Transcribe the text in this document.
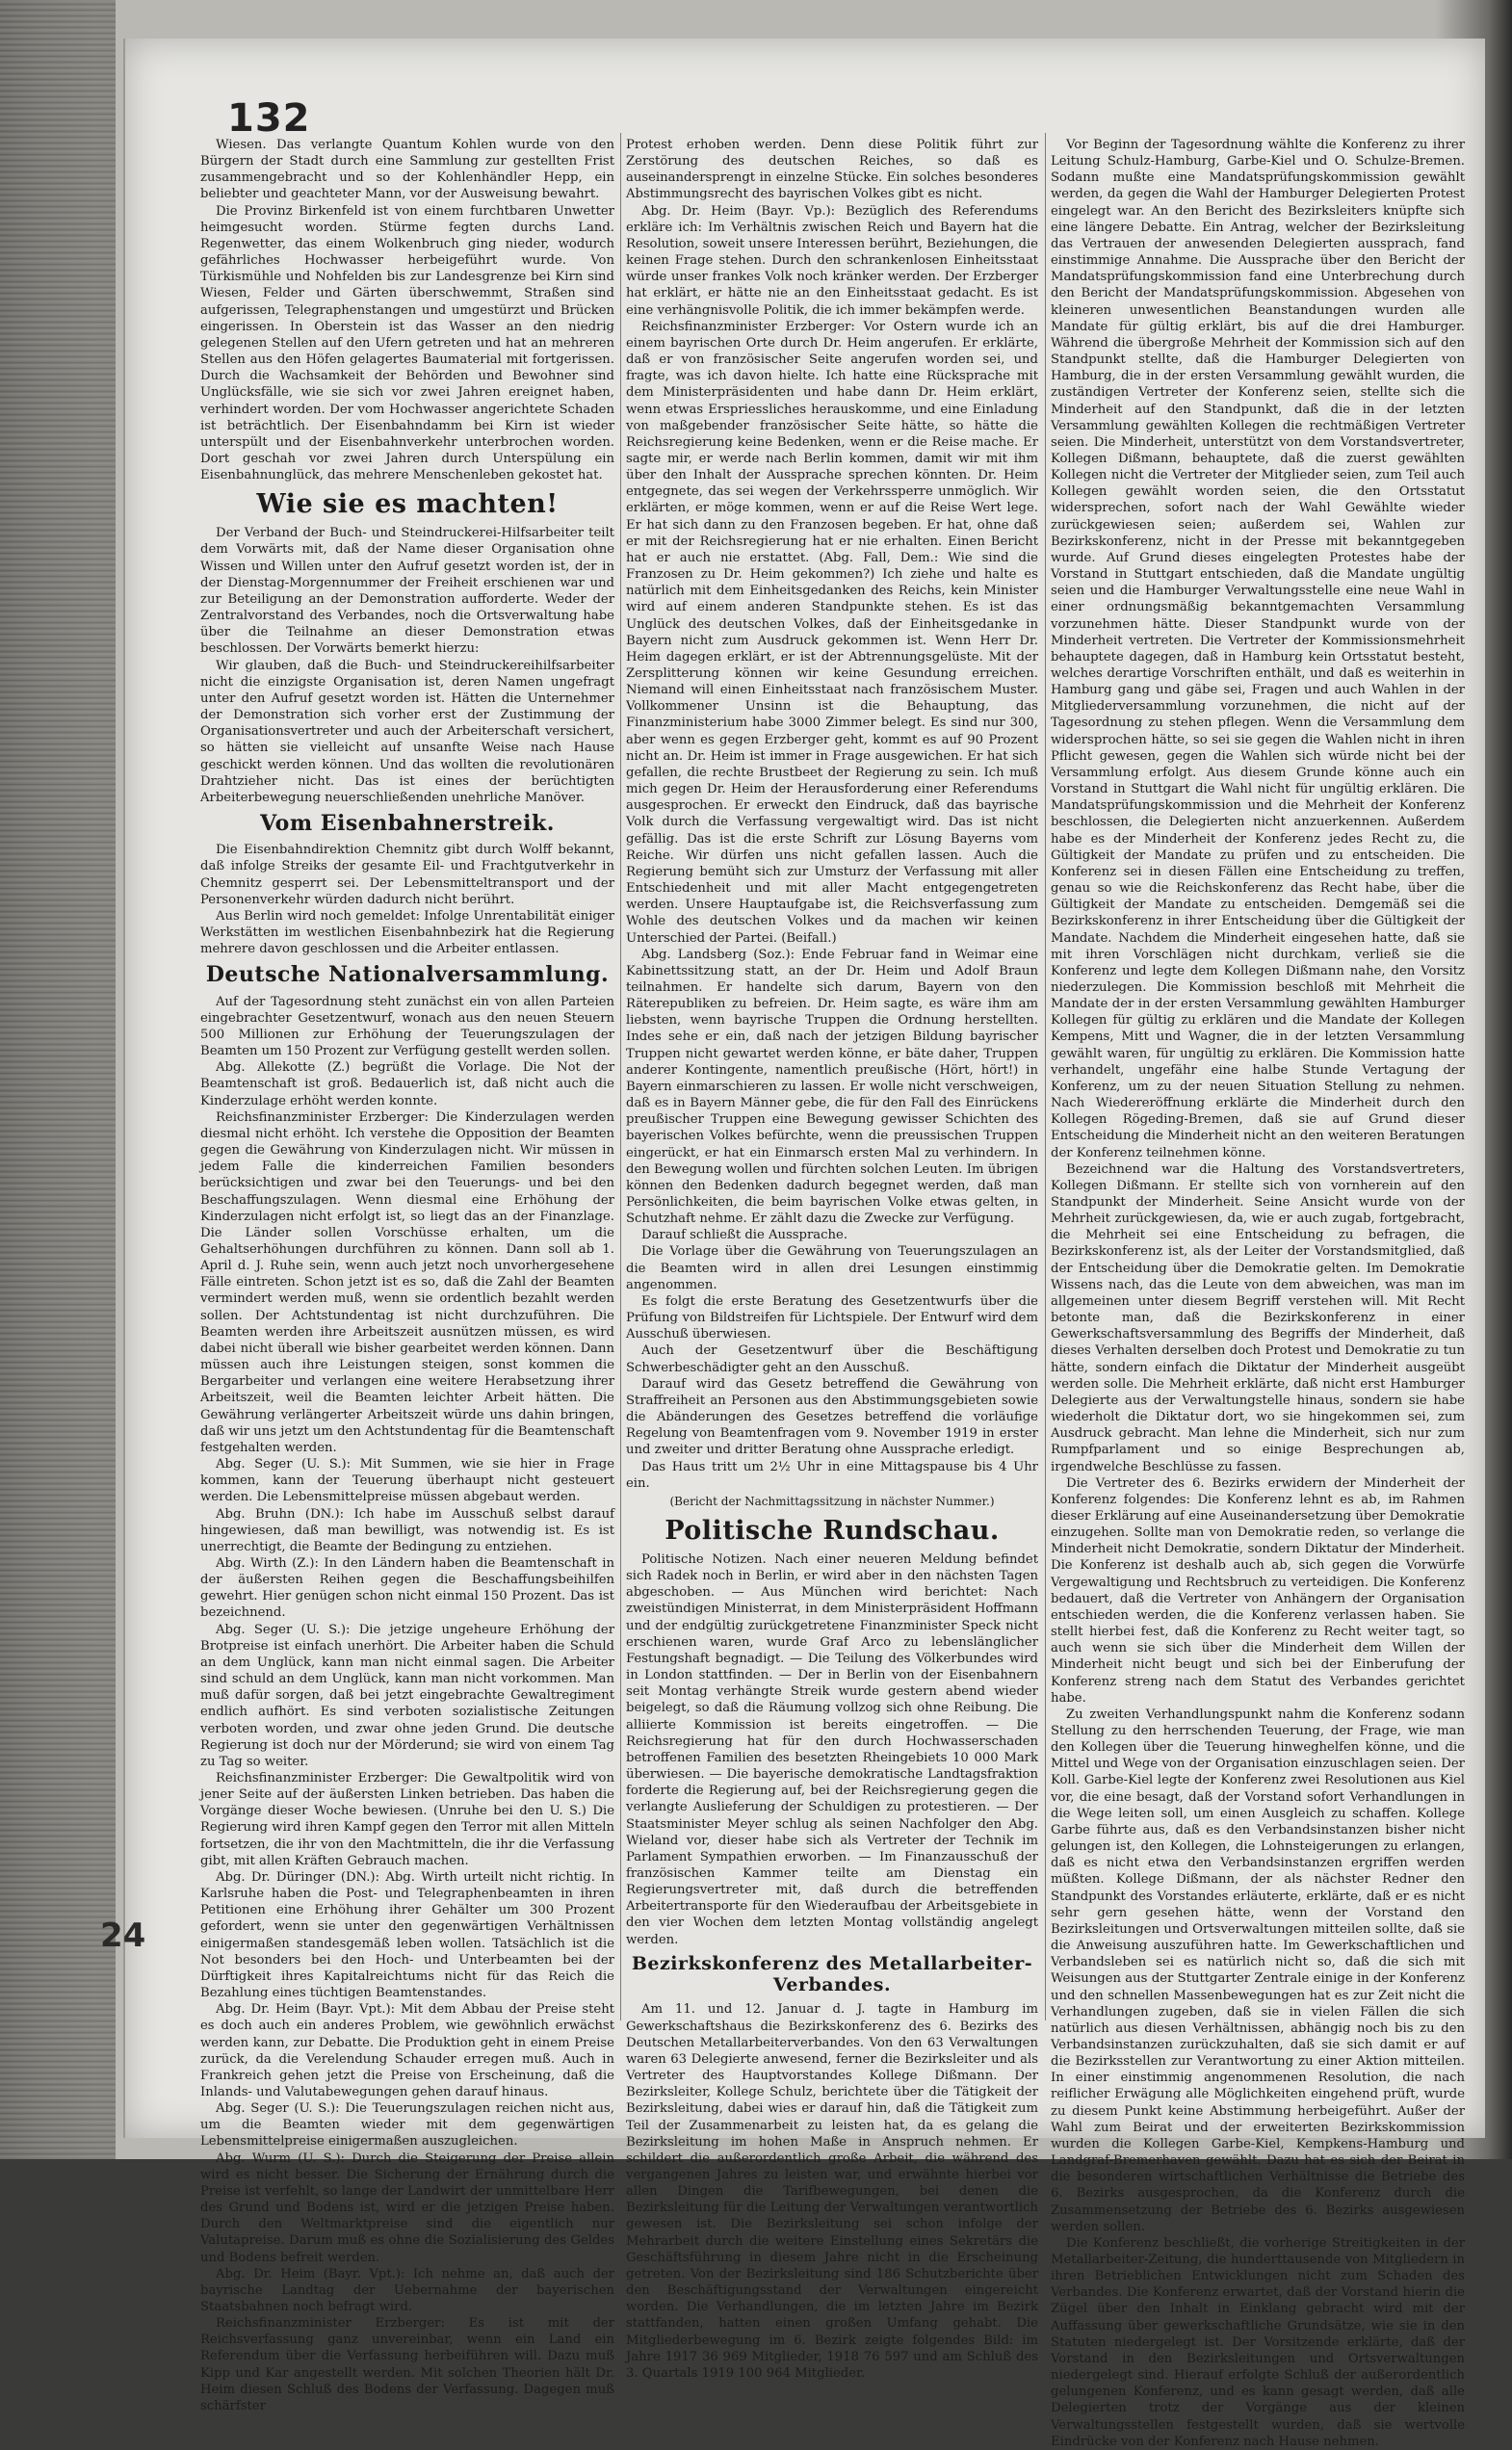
132
24

Wiesen. Das verlangte Quantum Kohlen wurde von den Bürgern der Stadt durch eine Sammlung zur gestellten Frist zusammengebracht und so der Kohlenhändler Hepp, ein beliebter und geachteter Mann, vor der Ausweisung bewahrt.

Die Provinz Birkenfeld ist von einem furchtbaren Unwetter heimgesucht worden. Stürme fegten durchs Land. Regenwetter, das einem Wolkenbruch ging nieder, wodurch gefährliches Hochwasser herbeigeführt wurde. Von Türkismühle und Nohfelden bis zur Landesgrenze bei Kirn sind Wiesen, Felder und Gärten überschwemmt, Straßen sind aufgerissen, Telegraphenstangen und umgestürzt und Brücken eingerissen. In Oberstein ist das Wasser an den niedrig gelegenen Stellen auf den Ufern getreten und hat an mehreren Stellen aus den Höfen gelagertes Baumaterial mit fortgerissen. Durch die Wachsamkeit der Behörden und Bewohner sind Unglücksfälle, wie sie sich vor zwei Jahren ereignet haben, verhindert worden. Der vom Hochwasser angerichtete Schaden ist beträchtlich. Der Eisenbahndamm bei Kirn ist wieder unterspült und der Eisenbahnverkehr unterbrochen worden. Dort geschah vor zwei Jahren durch Unterspülung ein Eisenbahnunglück, das mehrere Menschenleben gekostet hat.

Wie sie es machten!

Der Verband der Buch- und Steindruckerei-Hilfsarbeiter teilt dem Vorwärts mit, daß der Name dieser Organisation ohne Wissen und Willen unter den Aufruf gesetzt worden ist, der in der Dienstag-Morgennummer der Freiheit erschienen war und zur Beteiligung an der Demonstration aufforderte. Weder der Zentralvorstand des Verbandes, noch die Ortsverwaltung habe über die Teilnahme an dieser Demonstration etwas beschlossen. Der Vorwärts bemerkt hierzu:

Wir glauben, daß die Buch- und Steindruckereihilfsarbeiter nicht die einzigste Organisation ist, deren Namen ungefragt unter den Aufruf gesetzt worden ist. Hätten die Unternehmer der Demonstration sich vorher erst der Zustimmung der Organisationsvertreter und auch der Arbeiterschaft versichert, so hätten sie vielleicht auf unsanfte Weise nach Hause geschickt werden können. Und das wollten die revolutionären Drahtzieher nicht. Das ist eines der berüchtigten Arbeiterbewegung neuerschließenden unehrliche Manöver.

Vom Eisenbahnerstreik.

Die Eisenbahndirektion Chemnitz gibt durch Wolff bekannt, daß infolge Streiks der gesamte Eil- und Frachtgutverkehr in Chemnitz gesperrt sei. Der Lebensmitteltransport und der Personenverkehr würden dadurch nicht berührt.

Aus Berlin wird noch gemeldet: Infolge Unrentabilität einiger Werkstätten im westlichen Eisenbahnbezirk hat die Regierung mehrere davon geschlossen und die Arbeiter entlassen.

Deutsche Nationalversammlung.

Auf der Tagesordnung steht zunächst ein von allen Parteien eingebrachter Gesetzentwurf, wonach aus den neuen Steuern 500 Millionen zur Erhöhung der Teuerungszulagen der Beamten um 150 Prozent zur Verfügung gestellt werden sollen.

Abg. Allekotte (Z.) begrüßt die Vorlage. Die Not der Beamtenschaft ist groß. Bedauerlich ist, daß nicht auch die Kinderzulage erhöht werden konnte.

Reichsfinanzminister Erzberger: Die Kinderzulagen werden diesmal nicht erhöht. Ich verstehe die Opposition der Beamten gegen die Gewährung von Kinderzulagen nicht. Wir müssen in jedem Falle die kinderreichen Familien besonders berücksichtigen und zwar bei den Teuerungs- und bei den Beschaffungszulagen. Wenn diesmal eine Erhöhung der Kinderzulagen nicht erfolgt ist, so liegt das an der Finanzlage. Die Länder sollen Vorschüsse erhalten, um die Gehaltserhöhungen durchführen zu können. Dann soll ab 1. April d. J. Ruhe sein, wenn auch jetzt noch unvorhergesehene Fälle eintreten. Schon jetzt ist es so, daß die Zahl der Beamten vermindert werden muß, wenn sie ordentlich bezahlt werden sollen. Der Achtstundentag ist nicht durchzuführen. Die Beamten werden ihre Arbeitszeit ausnützen müssen, es wird dabei nicht überall wie bisher gearbeitet werden können. Dann müssen auch ihre Leistungen steigen, sonst kommen die Bergarbeiter und verlangen eine weitere Herabsetzung ihrer Arbeitszeit, weil die Beamten leichter Arbeit hätten. Die Gewährung verlängerter Arbeitszeit würde uns dahin bringen, daß wir uns jetzt um den Achtstundentag für die Beamtenschaft festgehalten werden.

Abg. Seger (U. S.): Mit Summen, wie sie hier in Frage kommen, kann der Teuerung überhaupt nicht gesteuert werden. Die Lebensmittelpreise müssen abgebaut werden.

Abg. Bruhn (DN.): Ich habe im Ausschuß selbst darauf hingewiesen, daß man bewilligt, was notwendig ist. Es ist unerrechtigt, die Beamte der Bedingung zu entziehen.

Abg. Wirth (Z.): In den Ländern haben die Beamtenschaft in der äußersten Reihen gegen die Beschaffungsbeihilfen gewehrt. Hier genügen schon nicht einmal 150 Prozent. Das ist bezeichnend.

Abg. Seger (U. S.): Die jetzige ungeheure Erhöhung der Brotpreise ist einfach unerhört. Die Arbeiter haben die Schuld an dem Unglück, kann man nicht einmal sagen. Die Arbeiter sind schuld an dem Unglück, kann man nicht vorkommen. Man muß dafür sorgen, daß bei jetzt eingebrachte Gewaltregiment endlich aufhört. Es sind verboten sozialistische Zeitungen verboten worden, und zwar ohne jeden Grund. Die deutsche Regierung ist doch nur der Mörderund; sie wird von einem Tag zu Tag so weiter.

Reichsfinanzminister Erzberger: Die Gewaltpolitik wird von jener Seite auf der äußersten Linken betrieben. Das haben die Vorgänge dieser Woche bewiesen. (Unruhe bei den U. S.) Die Regierung wird ihren Kampf gegen den Terror mit allen Mitteln fortsetzen, die ihr von den Machtmitteln, die ihr die Verfassung gibt, mit allen Kräften Gebrauch machen.

Abg. Dr. Düringer (DN.): Abg. Wirth urteilt nicht richtig. In Karlsruhe haben die Post- und Telegraphenbeamten in ihren Petitionen eine Erhöhung ihrer Gehälter um 300 Prozent gefordert, wenn sie unter den gegenwärtigen Verhältnissen einigermaßen standesgemäß leben wollen. Tatsächlich ist die Not besonders bei den Hoch- und Unterbeamten bei der Dürftigkeit ihres Kapitalreichtums nicht für das Reich die Bezahlung eines tüchtigen Beamtenstandes.

Abg. Dr. Heim (Bayr. Vpt.): Mit dem Abbau der Preise steht es doch auch ein anderes Problem, wie gewöhnlich erwächst werden kann, zur Debatte. Die Produktion geht in einem Preise zurück, da die Verelendung Schauder erregen muß. Auch in Frankreich gehen jetzt die Preise von Erscheinung, daß die Inlands- und Valutabewegungen gehen darauf hinaus.

Abg. Seger (U. S.): Die Teuerungszulagen reichen nicht aus, um die Beamten wieder mit dem gegenwärtigen Lebensmittelpreise einigermaßen auszugleichen.

Abg. Wurm (U. S.): Durch die Steigerung der Preise allein wird es nicht besser. Die Sicherung der Ernährung durch die Preise ist verfehlt, so lange der Landwirt der unmittelbare Herr des Grund und Bodens ist, wird er die jetzigen Preise haben. Durch den Weltmarktpreise sind die eigentlich nur Valutapreise. Darum muß es ohne die Sozialisierung des Geldes und Bodens befreit werden.

Abg. Dr. Heim (Bayr. Vpt.): Ich nehme an, daß auch der bayrische Landtag der Uebernahme der bayerischen Staatsbahnen noch befragt wird.

Reichsfinanzminister Erzberger: Es ist mit der Reichsverfassung ganz unvereinbar, wenn ein Land ein Referendum über die Verfassung herbeiführen will. Dazu muß Kipp und Kar angestellt werden. Mit solchen Theorien hält Dr. Heim diesen Schluß des Bodens der Verfassung. Dagegen muß schärfster

Protest erhoben werden. Denn diese Politik führt zur Zerstörung des deutschen Reiches, so daß es auseinandersprengt in einzelne Stücke. Ein solches besonderes Abstimmungsrecht des bayrischen Volkes gibt es nicht.

Abg. Dr. Heim (Bayr. Vp.): Bezüglich des Referendums erkläre ich: Im Verhältnis zwischen Reich und Bayern hat die Resolution, soweit unsere Interessen berührt, Beziehungen, die keinen Frage stehen. Durch den schrankenlosen Einheitsstaat würde unser frankes Volk noch kränker werden. Der Erzberger hat erklärt, er hätte nie an den Einheitsstaat gedacht. Es ist eine verhängnisvolle Politik, die ich immer bekämpfen werde.

Reichsfinanzminister Erzberger: Vor Ostern wurde ich an einem bayrischen Orte durch Dr. Heim angerufen. Er erklärte, daß er von französischer Seite angerufen worden sei, und fragte, was ich davon hielte. Ich hatte eine Rücksprache mit dem Ministerpräsidenten und habe dann Dr. Heim erklärt, wenn etwas Erspriessliches herauskomme, und eine Einladung von maßgebender französischer Seite hätte, so hätte die Reichsregierung keine Bedenken, wenn er die Reise mache. Er sagte mir, er werde nach Berlin kommen, damit wir mit ihm über den Inhalt der Aussprache sprechen könnten. Dr. Heim entgegnete, das sei wegen der Verkehrssperre unmöglich. Wir erklärten, er möge kommen, wenn er auf die Reise Wert lege. Er hat sich dann zu den Franzosen begeben. Er hat, ohne daß er mit der Reichsregierung hat er nie erhalten. Einen Bericht hat er auch nie erstattet. (Abg. Fall, Dem.: Wie sind die Franzosen zu Dr. Heim gekommen?) Ich ziehe und halte es natürlich mit dem Einheitsgedanken des Reichs, kein Minister wird auf einem anderen Standpunkte stehen. Es ist das Unglück des deutschen Volkes, daß der Einheitsgedanke in Bayern nicht zum Ausdruck gekommen ist. Wenn Herr Dr. Heim dagegen erklärt, er ist der Abtrennungsgelüste. Mit der Zersplitterung können wir keine Gesundung erreichen. Niemand will einen Einheitsstaat nach französischem Muster. Vollkommener Unsinn ist die Behauptung, das Finanzministerium habe 3000 Zimmer belegt. Es sind nur 300, aber wenn es gegen Erzberger geht, kommt es auf 90 Prozent nicht an. Dr. Heim ist immer in Frage ausgewichen. Er hat sich gefallen, die rechte Brustbeet der Regierung zu sein. Ich muß mich gegen Dr. Heim der Herausforderung einer Referendums ausgesprochen. Er erweckt den Eindruck, daß das bayrische Volk durch die Verfassung vergewaltigt wird. Das ist nicht gefällig. Das ist die erste Schrift zur Lösung Bayerns vom Reiche. Wir dürfen uns nicht gefallen lassen. Auch die Regierung bemüht sich zur Umsturz der Verfassung mit aller Entschiedenheit und mit aller Macht entgegengetreten werden. Unsere Hauptaufgabe ist, die Reichsverfassung zum Wohle des deutschen Volkes und da machen wir keinen Unterschied der Partei. (Beifall.)

Abg. Landsberg (Soz.): Ende Februar fand in Weimar eine Kabinettssitzung statt, an der Dr. Heim und Adolf Braun teilnahmen. Er handelte sich darum, Bayern von den Räterepubliken zu befreien. Dr. Heim sagte, es wäre ihm am liebsten, wenn bayrische Truppen die Ordnung herstellten. Indes sehe er ein, daß nach der jetzigen Bildung bayrischer Truppen nicht gewartet werden könne, er bäte daher, Truppen anderer Kontingente, namentlich preußische (Hört, hört!) in Bayern einmarschieren zu lassen. Er wolle nicht verschweigen, daß es in Bayern Männer gebe, die für den Fall des Einrückens preußischer Truppen eine Bewegung gewisser Schichten des bayerischen Volkes befürchte, wenn die preussischen Truppen eingerückt, er hat ein Einmarsch ersten Mal zu verhindern. In den Bewegung wollen und fürchten solchen Leuten. Im übrigen können den Bedenken dadurch begegnet werden, daß man Persönlichkeiten, die beim bayrischen Volke etwas gelten, in Schutzhaft nehme. Er zählt dazu die Zwecke zur Verfügung.

Darauf schließt die Aussprache.

Die Vorlage über die Gewährung von Teuerungszulagen an die Beamten wird in allen drei Lesungen einstimmig angenommen.

Es folgt die erste Beratung des Gesetzentwurfs über die Prüfung von Bildstreifen für Lichtspiele. Der Entwurf wird dem Ausschuß überwiesen.

Auch der Gesetzentwurf über die Beschäftigung Schwerbeschädigter geht an den Ausschuß.

Darauf wird das Gesetz betreffend die Gewährung von Straffreiheit an Personen aus den Abstimmungsgebieten sowie die Abänderungen des Gesetzes betreffend die vorläufige Regelung von Beamtenfragen vom 9. November 1919 in erster und zweiter und dritter Beratung ohne Aussprache erledigt.

Das Haus tritt um 2½ Uhr in eine Mittagspause bis 4 Uhr ein.

(Bericht der Nachmittagssitzung in nächster Nummer.)
Politische Rundschau.

Politische Notizen. Nach einer neueren Meldung befindet sich Radek noch in Berlin, er wird aber in den nächsten Tagen abgeschoben. — Aus München wird berichtet: Nach zweistündigen Ministerrat, in dem Ministerpräsident Hoffmann und der endgültig zurückgetretene Finanzminister Speck nicht erschienen waren, wurde Graf Arco zu lebenslänglicher Festungshaft begnadigt. — Die Teilung des Völkerbundes wird in London stattfinden. — Der in Berlin von der Eisenbahnern seit Montag verhängte Streik wurde gestern abend wieder beigelegt, so daß die Räumung vollzog sich ohne Reibung. Die alliierte Kommission ist bereits eingetroffen. — Die Reichsregierung hat für den durch Hochwasserschaden betroffenen Familien des besetzten Rheingebiets 10 000 Mark überwiesen. — Die bayerische demokratische Landtagsfraktion forderte die Regierung auf, bei der Reichsregierung gegen die verlangte Auslieferung der Schuldigen zu protestieren. — Der Staatsminister Meyer schlug als seinen Nachfolger den Abg. Wieland vor, dieser habe sich als Vertreter der Technik im Parlament Sympathien erworben. — Im Finanzausschuß der französischen Kammer teilte am Dienstag ein Regierungsvertreter mit, daß durch die betreffenden Arbeitertransporte für den Wiederaufbau der Arbeitsgebiete in den vier Wochen dem letzten Montag vollständig angelegt werden.

Bezirkskonferenz des Metallarbeiter-Verbandes.

Am 11. und 12. Januar d. J. tagte in Hamburg im Gewerkschaftshaus die Bezirkskonferenz des 6. Bezirks des Deutschen Metallarbeiterverbandes. Von den 63 Verwaltungen waren 63 Delegierte anwesend, ferner die Bezirksleiter und als Vertreter des Hauptvorstandes Kollege Dißmann. Der Bezirksleiter, Kollege Schulz, berichtete über die Tätigkeit der Bezirksleitung, dabei wies er darauf hin, daß die Tätigkeit zum Teil der Zusammenarbeit zu leisten hat, da es gelang die Bezirksleitung im hohen Maße in Anspruch nehmen. Er schildert die außerordentlich große Arbeit, die während des vergangenen Jahres zu leisten war, und erwähnte hierbei vor allen Dingen die Tarifbewegungen, bei denen die Bezirksleitung für die Leitung der Verwaltungen verantwortlich gewesen ist. Die Bezirksleitung sei schon infolge der Mehrarbeit durch die weitere Einstellung eines Sekretärs die Geschäftsführung in diesem Jahre nicht in die Erscheinung getreten. Von der Bezirksleitung sind 186 Schutzberichte über den Beschäftigungsstand der Verwaltungen eingereicht worden. Die Verhandlungen, die im letzten Jahre im Bezirk stattfanden, hatten einen großen Umfang gehabt. Die Mitgliederbewegung im 6. Bezirk zeigte folgendes Bild: im Jahre 1917 36 969 Mitglieder, 1918 76 597 und am Schluß des 3. Quartals 1919 100 964 Mitglieder.

Vor Beginn der Tagesordnung wählte die Konferenz zu ihrer Leitung Schulz-Hamburg, Garbe-Kiel und O. Schulze-Bremen. Sodann mußte eine Mandatsprüfungskommission gewählt werden, da gegen die Wahl der Hamburger Delegierten Protest eingelegt war. An den Bericht des Bezirksleiters knüpfte sich eine längere Debatte. Ein Antrag, welcher der Bezirksleitung das Vertrauen der anwesenden Delegierten aussprach, fand einstimmige Annahme. Die Aussprache über den Bericht der Mandatsprüfungskommission fand eine Unterbrechung durch den Bericht der Mandatsprüfungskommission. Abgesehen von kleineren unwesentlichen Beanstandungen wurden alle Mandate für gültig erklärt, bis auf die drei Hamburger. Während die übergroße Mehrheit der Kommission sich auf den Standpunkt stellte, daß die Hamburger Delegierten von Hamburg, die in der ersten Versammlung gewählt wurden, die zuständigen Vertreter der Konferenz seien, stellte sich die Minderheit auf den Standpunkt, daß die in der letzten Versammlung gewählten Kollegen die rechtmäßigen Vertreter seien. Die Minderheit, unterstützt von dem Vorstandsvertreter, Kollegen Dißmann, behauptete, daß die zuerst gewählten Kollegen nicht die Vertreter der Mitglieder seien, zum Teil auch Kollegen gewählt worden seien, die den Ortsstatut widersprechen, sofort nach der Wahl Gewählte wieder zurückgewiesen seien; außerdem sei, Wahlen zur Bezirkskonferenz, nicht in der Presse mit bekanntgegeben wurde. Auf Grund dieses eingelegten Protestes habe der Vorstand in Stuttgart entschieden, daß die Mandate ungültig seien und die Hamburger Verwaltungsstelle eine neue Wahl in einer ordnungsmäßig bekanntgemachten Versammlung vorzunehmen hätte. Dieser Standpunkt wurde von der Minderheit vertreten. Die Vertreter der Kommissionsmehrheit behauptete dagegen, daß in Hamburg kein Ortsstatut besteht, welches derartige Vorschriften enthält, und daß es weiterhin in Hamburg gang und gäbe sei, Fragen und auch Wahlen in der Mitgliederversammlung vorzunehmen, die nicht auf der Tagesordnung zu stehen pflegen. Wenn die Versammlung dem widersprochen hätte, so sei sie gegen die Wahlen nicht in ihren Pflicht gewesen, gegen die Wahlen sich würde nicht bei der Versammlung erfolgt. Aus diesem Grunde könne auch ein Vorstand in Stuttgart die Wahl nicht für ungültig erklären. Die Mandatsprüfungskommission und die Mehrheit der Konferenz beschlossen, die Delegierten nicht anzuerkennen. Außerdem habe es der Minderheit der Konferenz jedes Recht zu, die Gültigkeit der Mandate zu prüfen und zu entscheiden. Die Konferenz sei in diesen Fällen eine Entscheidung zu treffen, genau so wie die Reichskonferenz das Recht habe, über die Gültigkeit der Mandate zu entscheiden. Demgemäß sei die Bezirkskonferenz in ihrer Entscheidung über die Gültigkeit der Mandate. Nachdem die Minderheit eingesehen hatte, daß sie mit ihren Vorschlägen nicht durchkam, verließ sie die Konferenz und legte dem Kollegen Dißmann nahe, den Vorsitz niederzulegen. Die Kommission beschloß mit Mehrheit die Mandate der in der ersten Versammlung gewählten Hamburger Kollegen für gültig zu erklären und die Mandate der Kollegen Kempens, Mitt und Wagner, die in der letzten Versammlung gewählt waren, für ungültig zu erklären. Die Kommission hatte verhandelt, ungefähr eine halbe Stunde Vertagung der Konferenz, um zu der neuen Situation Stellung zu nehmen. Nach Wiedereröffnung erklärte die Minderheit durch den Kollegen Rögeding-Bremen, daß sie auf Grund dieser Entscheidung die Minderheit nicht an den weiteren Beratungen der Konferenz teilnehmen könne.

Bezeichnend war die Haltung des Vorstandsvertreters, Kollegen Dißmann. Er stellte sich von vornherein auf den Standpunkt der Minderheit. Seine Ansicht wurde von der Mehrheit zurückgewiesen, da, wie er auch zugab, fortgebracht, die Mehrheit sei eine Entscheidung zu befragen, die Bezirkskonferenz ist, als der Leiter der Vorstandsmitglied, daß der Entscheidung über die Demokratie gelten. Im Demokratie Wissens nach, das die Leute von dem abweichen, was man im allgemeinen unter diesem Begriff verstehen will. Mit Recht betonte man, daß die Bezirkskonferenz in einer Gewerkschaftsversammlung des Begriffs der Minderheit, daß dieses Verhalten derselben doch Protest und Demokratie zu tun hätte, sondern einfach die Diktatur der Minderheit ausgeübt werden solle. Die Mehrheit erklärte, daß nicht erst Hamburger Delegierte aus der Verwaltungstelle hinaus, sondern sie habe wiederholt die Diktatur dort, wo sie hingekommen sei, zum Ausdruck gebracht. Man lehne die Minderheit, sich nur zum Rumpfparlament und so einige Besprechungen ab, irgendwelche Beschlüsse zu fassen.

Die Vertreter des 6. Bezirks erwidern der Minderheit der Konferenz folgendes: Die Konferenz lehnt es ab, im Rahmen dieser Erklärung auf eine Auseinandersetzung über Demokratie einzugehen. Sollte man von Demokratie reden, so verlange die Minderheit nicht Demokratie, sondern Diktatur der Minderheit. Die Konferenz ist deshalb auch ab, sich gegen die Vorwürfe Vergewaltigung und Rechtsbruch zu verteidigen. Die Konferenz bedauert, daß die Vertreter von Anhängern der Organisation entschieden werden, die die Konferenz verlassen haben. Sie stellt hierbei fest, daß die Konferenz zu Recht weiter tagt, so auch wenn sie sich über die Minderheit dem Willen der Minderheit nicht beugt und sich bei der Einberufung der Konferenz streng nach dem Statut des Verbandes gerichtet habe.

Zu zweiten Verhandlungspunkt nahm die Konferenz sodann Stellung zu den herrschenden Teuerung, der Frage, wie man den Kollegen über die Teuerung hinweghelfen könne, und die Mittel und Wege von der Organisation einzuschlagen seien. Der Koll. Garbe-Kiel legte der Konferenz zwei Resolutionen aus Kiel vor, die eine besagt, daß der Vorstand sofort Verhandlungen in die Wege leiten soll, um einen Ausgleich zu schaffen. Kollege Garbe führte aus, daß es den Verbandsinstanzen bisher nicht gelungen ist, den Kollegen, die Lohnsteigerungen zu erlangen, daß es nicht etwa den Verbandsinstanzen ergriffen werden müßten. Kollege Dißmann, der als nächster Redner den Standpunkt des Vorstandes erläuterte, erklärte, daß er es nicht sehr gern gesehen hätte, wenn der Vorstand den Bezirksleitungen und Ortsverwaltungen mitteilen sollte, daß sie die Anweisung auszuführen hatte. Im Gewerkschaftlichen und Verbandsleben sei es natürlich nicht so, daß die sich mit Weisungen aus der Stuttgarter Zentrale einige in der Konferenz und den schnellen Massenbewegungen hat es zur Zeit nicht die Verhandlungen zugeben, daß sie in vielen Fällen die sich natürlich aus diesen Verhältnissen, abhängig noch bis zu den Verbandsinstanzen zurückzuhalten, daß sie sich damit er auf die Bezirksstellen zur Verantwortung zu einer Aktion mitteilen. In einer einstimmig angenommenen Resolution, die nach reiflicher Erwägung alle Möglichkeiten eingehend prüft, wurde zu diesem Punkt keine Abstimmung herbeigeführt. Außer der Wahl zum Beirat und der erweiterten Bezirkskommission wurden die Kollegen Garbe-Kiel, Kempkens-Hamburg und Landgraf-Bremerhaven gewählt. Dazu hat es sich der Beirat in die besonderen wirtschaftlichen Verhältnisse die Betriebe des 6. Bezirks ausgesprochen, da die Konferenz durch die Zusammensetzung der Betriebe des 6. Bezirks ausgewiesen werden sollen.

Die Konferenz beschließt, die vorherige Streitigkeiten in der Metallarbeiter-Zeitung, die hunderttausende von Mitgliedern in ihren Betrieblichen Entwicklungen nicht zum Schaden des Verbandes. Die Konferenz erwartet, daß der Vorstand hierin die Zügel über den Inhalt in Einklang gebracht wird mit der Auffassung über gewerkschaftliche Grundsätze, wie sie in den Statuten niedergelegt ist. Der Vorsitzende erklärte, daß der Vorstand in den Bezirksleitungen und Ortsverwaltungen niedergelegt sind. Hierauf erfolgte Schluß der außerordentlich gelungenen Konferenz, und es kann gesagt werden, daß alle Delegierten trotz der Vorgänge aus der kleinen Verwaltungsstellen festgestellt wurden, daß sie wertvolle Eindrücke von der Konferenz nach Hause nehmen.
